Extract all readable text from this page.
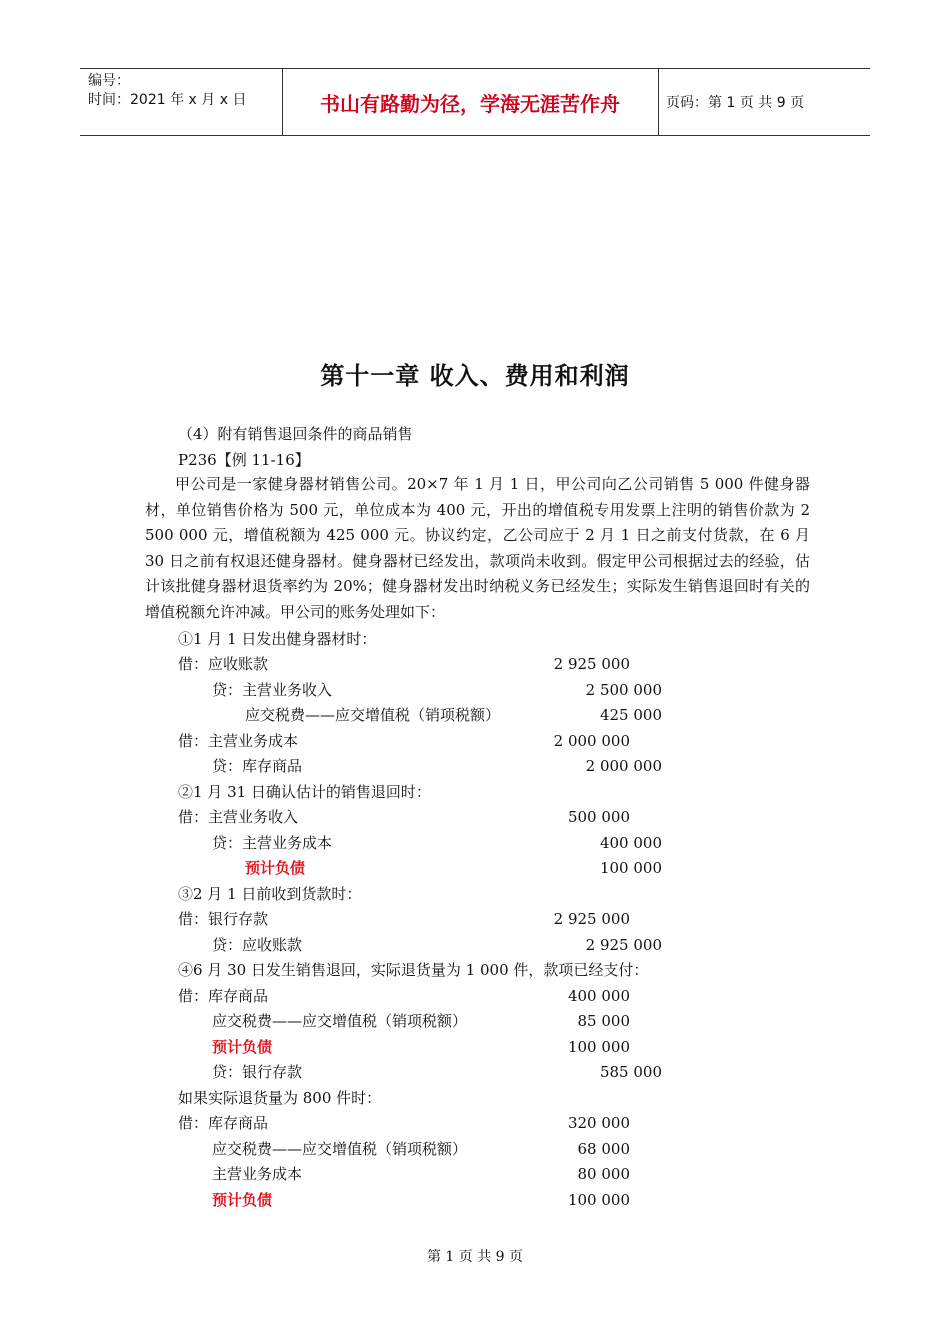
编号：
时间：2021 年 x 月 x 日	书山有路勤为径，学海无涯苦作舟	页码：第 1 页 共 9 页
第十一章 收入、费用和利润
（4）附有销售退回条件的商品销售
P236【例 11-16】
甲公司是一家健身器材销售公司。20×7 年 1 月 1 日，甲公司向乙公司销售 5 000 件健身器材，单位销售价格为 500 元，单位成本为 400 元，开出的增值税专用发票上注明的销售价款为 2 500 000 元，增值税额为 425 000 元。协议约定，乙公司应于 2 月 1 日之前支付货款，在 6 月 30 日之前有权退还健身器材。健身器材已经发出，款项尚未收到。假定甲公司根据过去的经验，估计该批健身器材退货率约为 20%；健身器材发出时纳税义务已经发生；实际发生销售退回时有关的增值税额允许冲减。甲公司的账务处理如下：
①1 月 1 日发出健身器材时：
借：应收账款	2 925 000
贷：主营业务收入	2 500 000
应交税费——应交增值税（销项税额）	425 000
借：主营业务成本	2 000 000
贷：库存商品	2 000 000
②1 月 31 日确认估计的销售退回时：
借：主营业务收入	500 000
贷：主营业务成本	400 000
预计负债	100 000
③2 月 1 日前收到货款时：
借：银行存款	2 925 000
贷：应收账款	2 925 000
④6 月 30 日发生销售退回，实际退货量为 1 000 件，款项已经支付：
借：库存商品	400 000
应交税费——应交增值税（销项税额）	85 000
预计负债	100 000
贷：银行存款	585 000
如果实际退货量为 800 件时：
借：库存商品	320 000
应交税费——应交增值税（销项税额）	68 000
主营业务成本	80 000
预计负债	100 000
第 1 页 共 9 页
